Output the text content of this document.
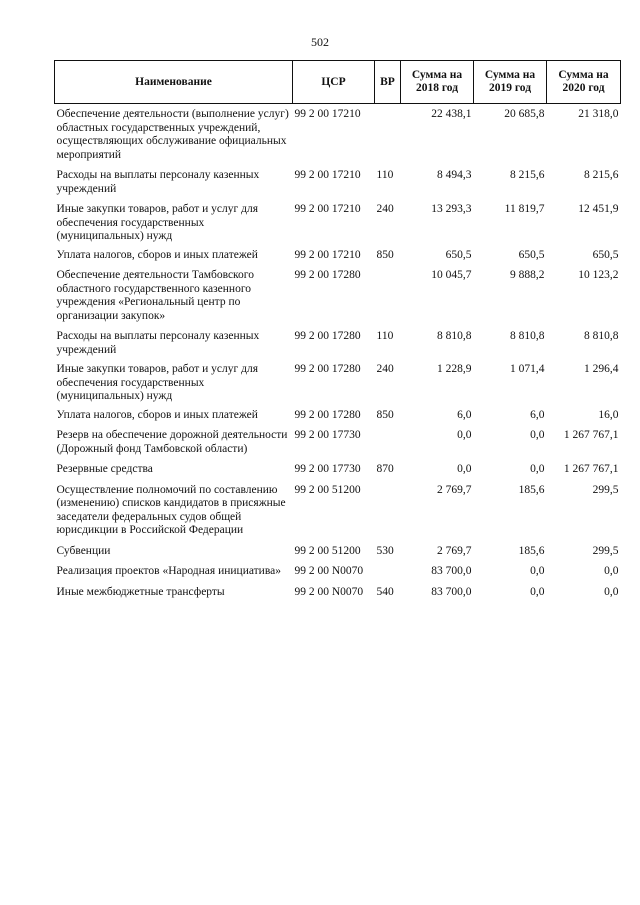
502
Наименование	ЦСР	ВР	Сумма на 2018 год	Сумма на 2019 год	Сумма на 2020 год
Обеспечение деятельности (выполнение услуг) областных государственных учреждений, осуществляющих обслуживание официальных мероприятий	99 2 00 17210		22 438,1	20 685,8	21 318,0
Расходы на выплаты персоналу казенных учреждений	99 2 00 17210	110	8 494,3	8 215,6	8 215,6
Иные закупки товаров, работ и услуг для обеспечения государственных (муниципальных) нужд	99 2 00 17210	240	13 293,3	11 819,7	12 451,9
Уплата налогов, сборов и иных платежей	99 2 00 17210	850	650,5	650,5	650,5
Обеспечение деятельности Тамбовского областного государственного казенного учреждения «Региональный центр по организации закупок»	99 2 00 17280		10 045,7	9 888,2	10 123,2
Расходы на выплаты персоналу казенных учреждений	99 2 00 17280	110	8 810,8	8 810,8	8 810,8
Иные закупки товаров, работ и услуг для обеспечения государственных (муниципальных) нужд	99 2 00 17280	240	1 228,9	1 071,4	1 296,4
Уплата налогов, сборов и иных платежей	99 2 00 17280	850	6,0	6,0	16,0
Резерв на обеспечение дорожной деятельности (Дорожный фонд Тамбовской области)	99 2 00 17730		0,0	0,0	1 267 767,1
Резервные средства	99 2 00 17730	870	0,0	0,0	1 267 767,1
Осуществление полномочий по составлению (изменению) списков кандидатов в присяжные заседатели федеральных судов общей юрисдикции в Российской Федерации	99 2 00 51200		2 769,7	185,6	299,5
Субвенции	99 2 00 51200	530	2 769,7	185,6	299,5
Реализация проектов «Народная инициатива»	99 2 00 N0070		83 700,0	0,0	0,0
Иные межбюджетные трансферты	99 2 00 N0070	540	83 700,0	0,0	0,0
